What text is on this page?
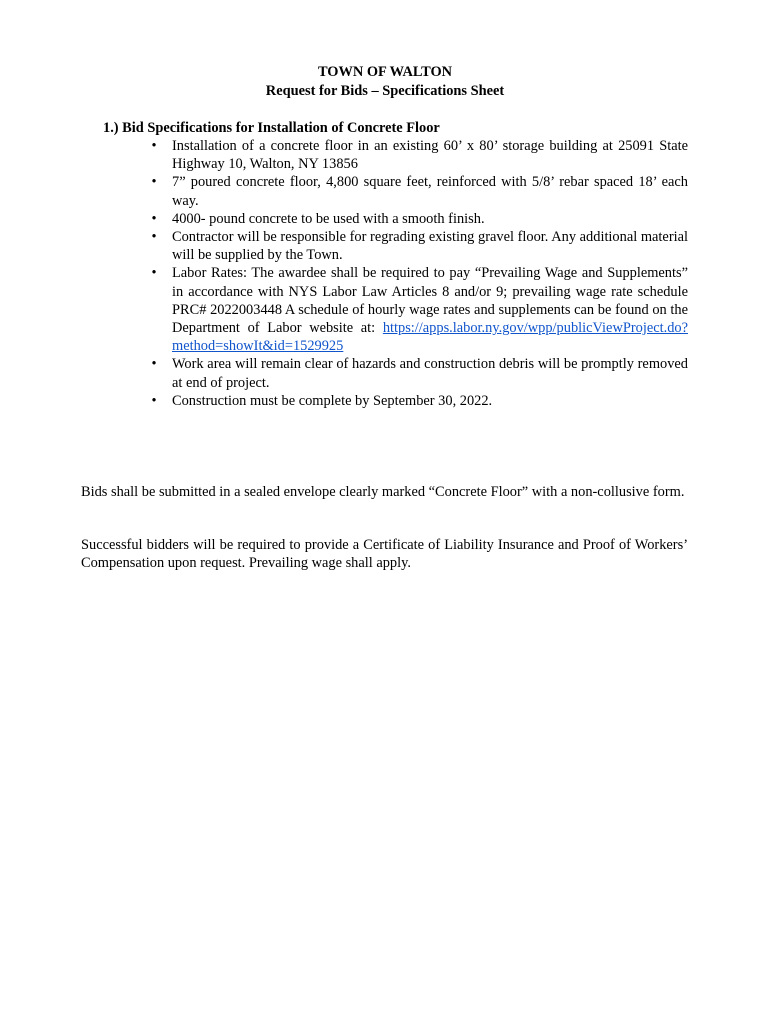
TOWN OF WALTON
Request for Bids – Specifications Sheet
1.) Bid Specifications for Installation of Concrete Floor
• Installation of a concrete floor in an existing 60’ x 80’ storage building at 25091 State Highway 10, Walton, NY 13856
• 7” poured concrete floor, 4,800 square feet, reinforced with 5/8’ rebar spaced 18’ each way.
• 4000- pound concrete to be used with a smooth finish.
• Contractor will be responsible for regrading existing gravel floor. Any additional material will be supplied by the Town.
• Labor Rates: The awardee shall be required to pay “Prevailing Wage and Supplements” in accordance with NYS Labor Law Articles 8 and/or 9; prevailing wage rate schedule PRC# 2022003448 A schedule of hourly wage rates and supplements can be found on the Department of Labor website at: https://apps.labor.ny.gov/wpp/publicViewProject.do?method=showIt&id=1529925
• Work area will remain clear of hazards and construction debris will be promptly removed at end of project.
• Construction must be complete by September 30, 2022.
Bids shall be submitted in a sealed envelope clearly marked “Concrete Floor” with a non-collusive form.
Successful bidders will be required to provide a Certificate of Liability Insurance and Proof of Workers’ Compensation upon request. Prevailing wage shall apply.
